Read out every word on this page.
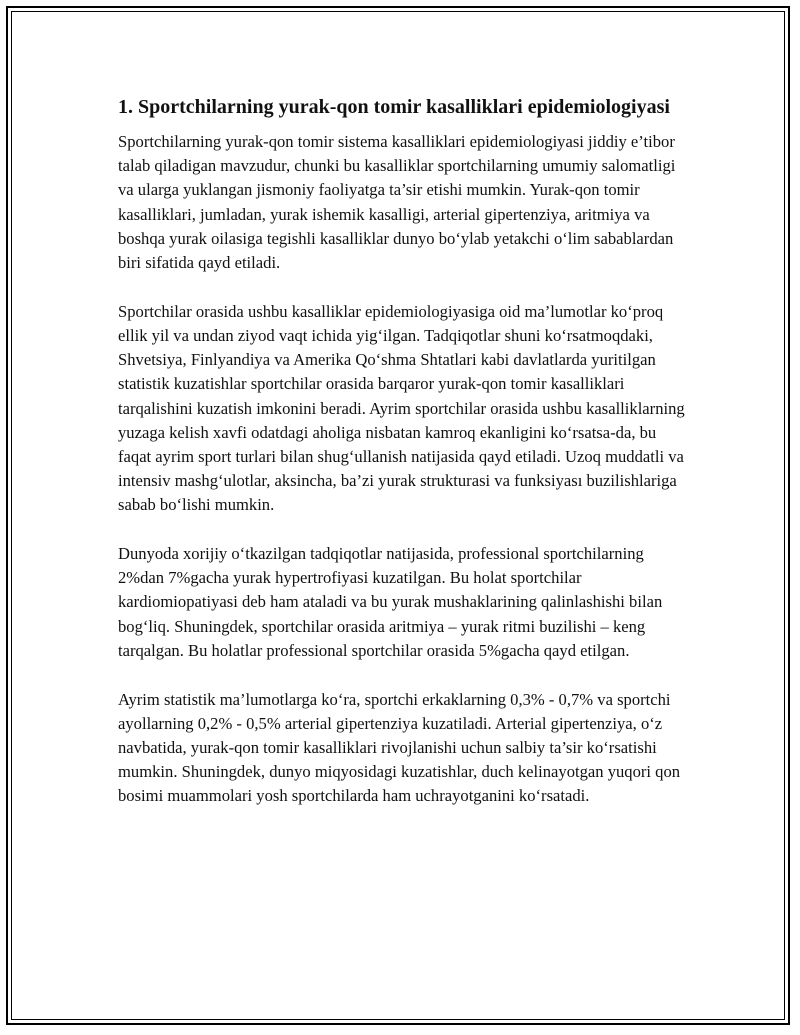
1. Sportchilarning yurak-qon tomir kasalliklari epidemiologiyasi

Sportchilarning yurak-qon tomir sistema kasalliklari epidemiologiyasi jiddiy e’tibor talab qiladigan mavzudur, chunki bu kasalliklar sportchilarning umumiy salomatligi va ularga yuklangan jismoniy faoliyatga ta’sir etishi mumkin. Yurak-qon tomir kasalliklari, jumladan, yurak ishemik kasalligi, arterial gipertenziya, aritmiya va boshqa yurak oilasiga tegishli kasalliklar dunyo bo‘ylab yetakchi o‘lim sabablardan biri sifatida qayd etiladi.

Sportchilar orasida ushbu kasalliklar epidemiologiyasiga oid ma’lumotlar ko‘proq ellik yil va undan ziyod vaqt ichida yig‘ilgan. Tadqiqotlar shuni ko‘rsatmoqdaki, Shvetsiya, Finlyandiya va Amerika Qo‘shma Shtatlari kabi davlatlarda yuritilgan statistik kuzatishlar sportchilar orasida barqaror yurak-qon tomir kasalliklari tarqalishini kuzatish imkonini beradi. Ayrim sportchilar orasida ushbu kasalliklarning yuzaga kelish xavfi odatdagi aholiga nisbatan kamroq ekanligini ko‘rsatsa-da, bu faqat ayrim sport turlari bilan shug‘ullanish natijasida qayd etiladi. Uzoq muddatli va intensiv mashg‘ulotlar, aksincha, ba’zi yurak strukturasi va funksiyası buzilishlariga sabab bo‘lishi mumkin.

Dunyoda xorijiy o‘tkazilgan tadqiqotlar natijasida, professional sportchilarning 2%dan 7%gacha yurak hypertrofiyasi kuzatilgan. Bu holat sportchilar kardiomiopatiyasi deb ham ataladi va bu yurak mushaklarining qalinlashishi bilan bog‘liq. Shuningdek, sportchilar orasida aritmiya – yurak ritmi buzilishi – keng tarqalgan. Bu holatlar professional sportchilar orasida 5%gacha qayd etilgan.

Ayrim statistik ma’lumotlarga ko‘ra, sportchi erkaklarning 0,3% - 0,7% va sportchi ayollarning 0,2% - 0,5% arterial gipertenziya kuzatiladi. Arterial gipertenziya, o‘z navbatida, yurak-qon tomir kasalliklari rivojlanishi uchun salbiy ta’sir ko‘rsatishi mumkin. Shuningdek, dunyo miqyosidagi kuzatishlar, duch kelinayotgan yuqori qon bosimi muammolari yosh sportchilarda ham uchrayotganini ko‘rsatadi.
